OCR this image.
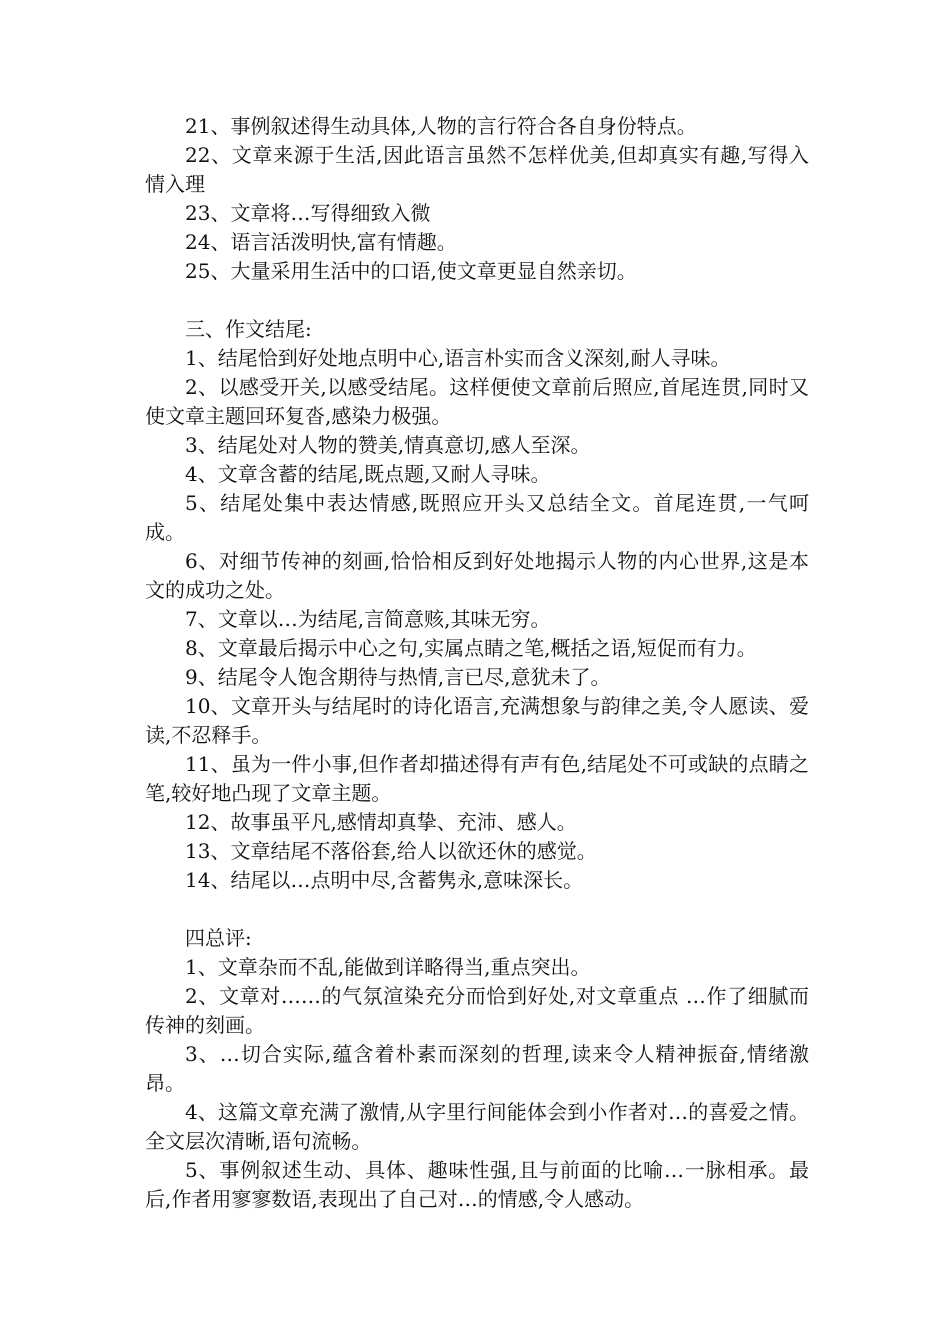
21、事例叙述得生动具体,人物的言行符合各自身份特点。

22、文章来源于生活,因此语言虽然不怎样优美,但却真实有趣,写得入情入理

23、文章将…写得细致入微

24、语言活泼明快,富有情趣。

25、大量采用生活中的口语,使文章更显自然亲切。

三、作文结尾:

1、结尾恰到好处地点明中心,语言朴实而含义深刻,耐人寻味。

2、以感受开关,以感受结尾。这样便使文章前后照应,首尾连贯,同时又使文章主题回环复沓,感染力极强。

3、结尾处对人物的赞美,情真意切,感人至深。

4、文章含蓄的结尾,既点题,又耐人寻味。

5、结尾处集中表达情感,既照应开头又总结全文。首尾连贯,一气呵成。

6、对细节传神的刻画,恰恰相反到好处地揭示人物的内心世界,这是本文的成功之处。

7、文章以…为结尾,言简意赅,其味无穷。

8、文章最后揭示中心之句,实属点睛之笔,概括之语,短促而有力。

9、结尾令人饱含期待与热情,言已尽,意犹未了。

10、文章开头与结尾时的诗化语言,充满想象与韵律之美,令人愿读、爱读,不忍释手。

11、虽为一件小事,但作者却描述得有声有色,结尾处不可或缺的点睛之笔,较好地凸现了文章主题。

12、故事虽平凡,感情却真挚、充沛、感人。

13、文章结尾不落俗套,给人以欲还休的感觉。

14、结尾以…点明中尽,含蓄隽永,意味深长。

四总评:

1、文章杂而不乱,能做到详略得当,重点突出。

2、文章对……的气氛渲染充分而恰到好处,对文章重点 …作了细腻而传神的刻画。

3、…切合实际,蕴含着朴素而深刻的哲理,读来令人精神振奋,情绪激昂。

4、这篇文章充满了激情,从字里行间能体会到小作者对…的喜爱之情。全文层次清晰,语句流畅。

5、事例叙述生动、具体、趣味性强,且与前面的比喻…一脉相承。最后,作者用寥寥数语,表现出了自己对…的情感,令人感动。
